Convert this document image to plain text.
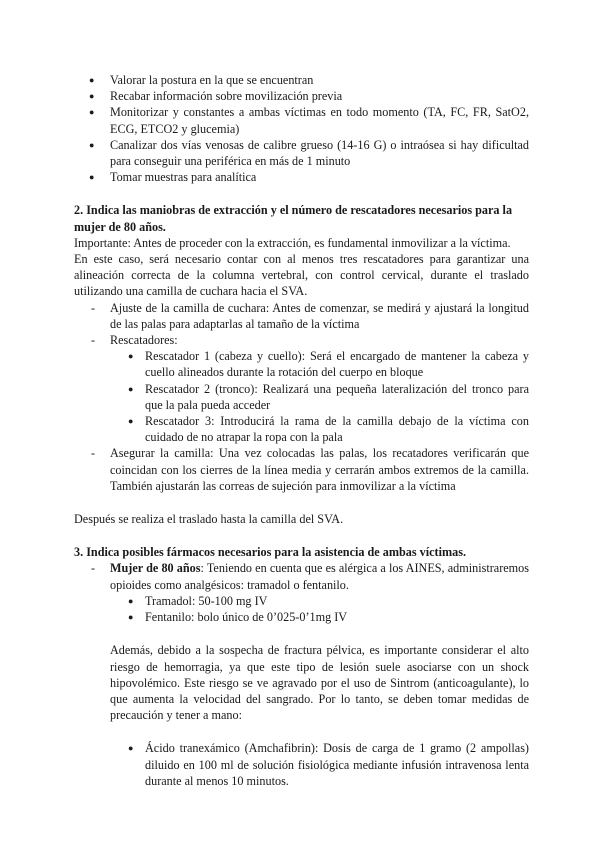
● Valorar la postura en la que se encuentran
● Recabar información sobre movilización previa
● Monitorizar y constantes a ambas víctimas en todo momento (TA, FC, FR, SatO2, ECG, ETCO2 y glucemia)
● Canalizar dos vías venosas de calibre grueso (14-16 G) o intraósea si hay dificultad para conseguir una periférica en más de 1 minuto
● Tomar muestras para analítica

2. Indica las maniobras de extracción y el número de rescatadores necesarios para la mujer de 80 años.

Importante: Antes de proceder con la extracción, es fundamental inmovilizar a la víctima.

En este caso, será necesario contar con al menos tres rescatadores para garantizar una alineación correcta de la columna vertebral, con control cervical, durante el traslado utilizando una camilla de cuchara hacia el SVA.

- Ajuste de la camilla de cuchara: Antes de comenzar, se medirá y ajustará la longitud de las palas para adaptarlas al tamaño de la víctima
- Rescatadores:
● Rescatador 1 (cabeza y cuello): Será el encargado de mantener la cabeza y cuello alineados durante la rotación del cuerpo en bloque
● Rescatador 2 (tronco): Realizará una pequeña lateralización del tronco para que la pala pueda acceder
● Rescatador 3: Introducirá la rama de la camilla debajo de la víctima con cuidado de no atrapar la ropa con la pala
- Asegurar la camilla: Una vez colocadas las palas, los recatadores verificarán que coincidan con los cierres de la línea media y cerrarán ambos extremos de la camilla. También ajustarán las correas de sujeción para inmovilizar a la víctima

Después se realiza el traslado hasta la camilla del SVA.

3. Indica posibles fármacos necesarios para la asistencia de ambas víctimas.

- Mujer de 80 años: Teniendo en cuenta que es alérgica a los AINES, administraremos opioides como analgésicos: tramadol o fentanilo.
● Tramadol: 50-100 mg IV
● Fentanilo: bolo único de 0’025-0’1mg IV

Además, debido a la sospecha de fractura pélvica, es importante considerar el alto riesgo de hemorragia, ya que este tipo de lesión suele asociarse con un shock hipovolémico. Este riesgo se ve agravado por el uso de Sintrom (anticoagulante), lo que aumenta la velocidad del sangrado. Por lo tanto, se deben tomar medidas de precaución y tener a mano:

● Ácido tranexámico (Amchafibrin): Dosis de carga de 1 gramo (2 ampollas) diluido en 100 ml de solución fisiológica mediante infusión intravenosa lenta durante al menos 10 minutos.
